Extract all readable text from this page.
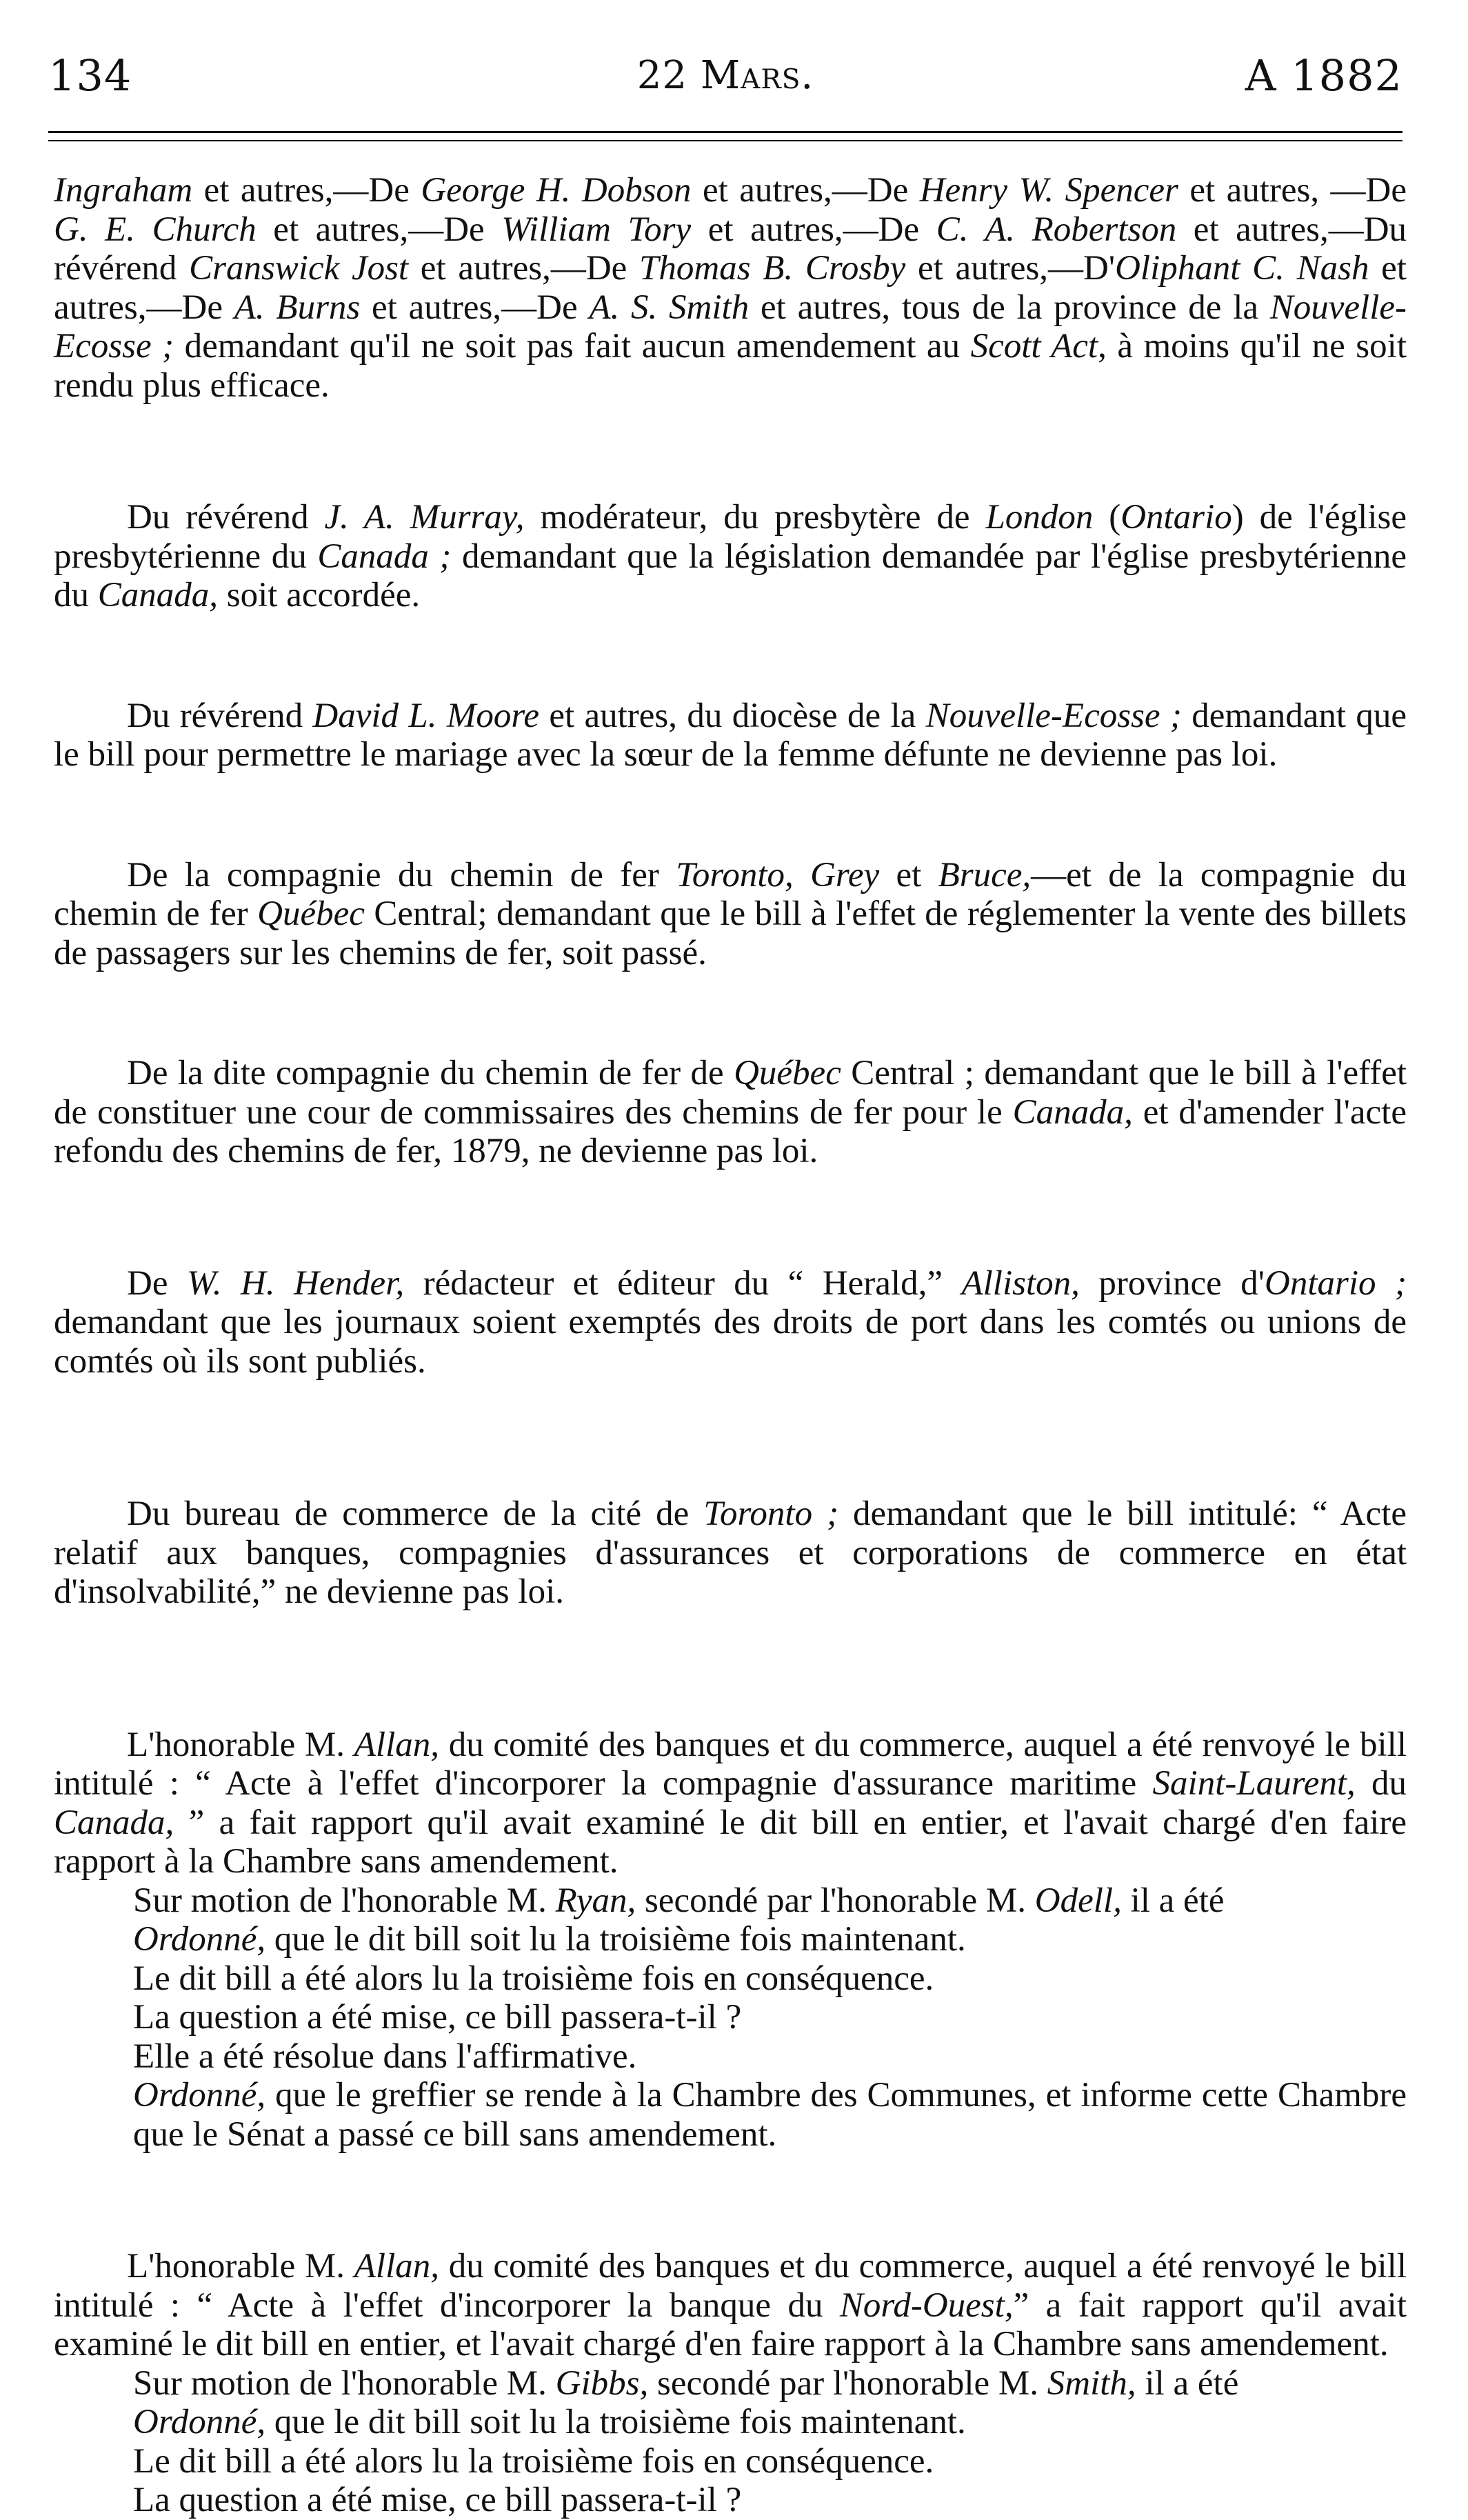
134	22 Mars.	A 1882

Ingraham et autres,—De George H. Dobson et autres,—De Henry W. Spencer et autres, —De G. E. Church et autres,—De William Tory et autres,—De C. A. Robertson et autres,—Du révérend Cranswick Jost et autres,—De Thomas B. Crosby et autres,—D'Oliphant C. Nash et autres,—De A. Burns et autres,—De A. S. Smith et autres, tous de la province de la Nouvelle-Ecosse ; demandant qu'il ne soit pas fait aucun amendement au Scott Act, à moins qu'il ne soit rendu plus efficace.

Du révérend J. A. Murray, modérateur, du presbytère de London (Ontario) de l'église presbytérienne du Canada ; demandant que la législation demandée par l'église presbytérienne du Canada, soit accordée.

Du révérend David L. Moore et autres, du diocèse de la Nouvelle-Ecosse ; demandant que le bill pour permettre le mariage avec la sœur de la femme défunte ne devienne pas loi.

De la compagnie du chemin de fer Toronto, Grey et Bruce,—et de la compagnie du chemin de fer Québec Central; demandant que le bill à l'effet de réglementer la vente des billets de passagers sur les chemins de fer, soit passé.

De la dite compagnie du chemin de fer de Québec Central ; demandant que le bill à l'effet de constituer une cour de commissaires des chemins de fer pour le Canada, et d'amender l'acte refondu des chemins de fer, 1879, ne devienne pas loi.

De W. H. Hender, rédacteur et éditeur du “ Herald,” Alliston, province d'Ontario ; demandant que les journaux soient exemptés des droits de port dans les comtés ou unions de comtés où ils sont publiés.

Du bureau de commerce de la cité de Toronto ; demandant que le bill intitulé: “ Acte relatif aux banques, compagnies d'assurances et corporations de commerce en état d'insolvabilité,” ne devienne pas loi.

L'honorable M. Allan, du comité des banques et du commerce, auquel a été renvoyé le bill intitulé : “ Acte à l'effet d'incorporer la compagnie d'assurance maritime Saint-Laurent, du Canada, ” a fait rapport qu'il avait examiné le dit bill en entier, et l'avait chargé d'en faire rapport à la Chambre sans amendement.

Sur motion de l'honorable M. Ryan, secondé par l'honorable M. Odell, il a été

Ordonné, que le dit bill soit lu la troisième fois maintenant.

Le dit bill a été alors lu la troisième fois en conséquence.

La question a été mise, ce bill passera-t-il ?

Elle a été résolue dans l'affirmative.

Ordonné, que le greffier se rende à la Chambre des Communes, et informe cette Chambre que le Sénat a passé ce bill sans amendement.

L'honorable M. Allan, du comité des banques et du commerce, auquel a été renvoyé le bill intitulé : “ Acte à l'effet d'incorporer la banque du Nord-Ouest,” a fait rapport qu'il avait examiné le dit bill en entier, et l'avait chargé d'en faire rapport à la Chambre sans amendement.

Sur motion de l'honorable M. Gibbs, secondé par l'honorable M. Smith, il a été

Ordonné, que le dit bill soit lu la troisième fois maintenant.

Le dit bill a été alors lu la troisième fois en conséquence.

La question a été mise, ce bill passera-t-il ?
